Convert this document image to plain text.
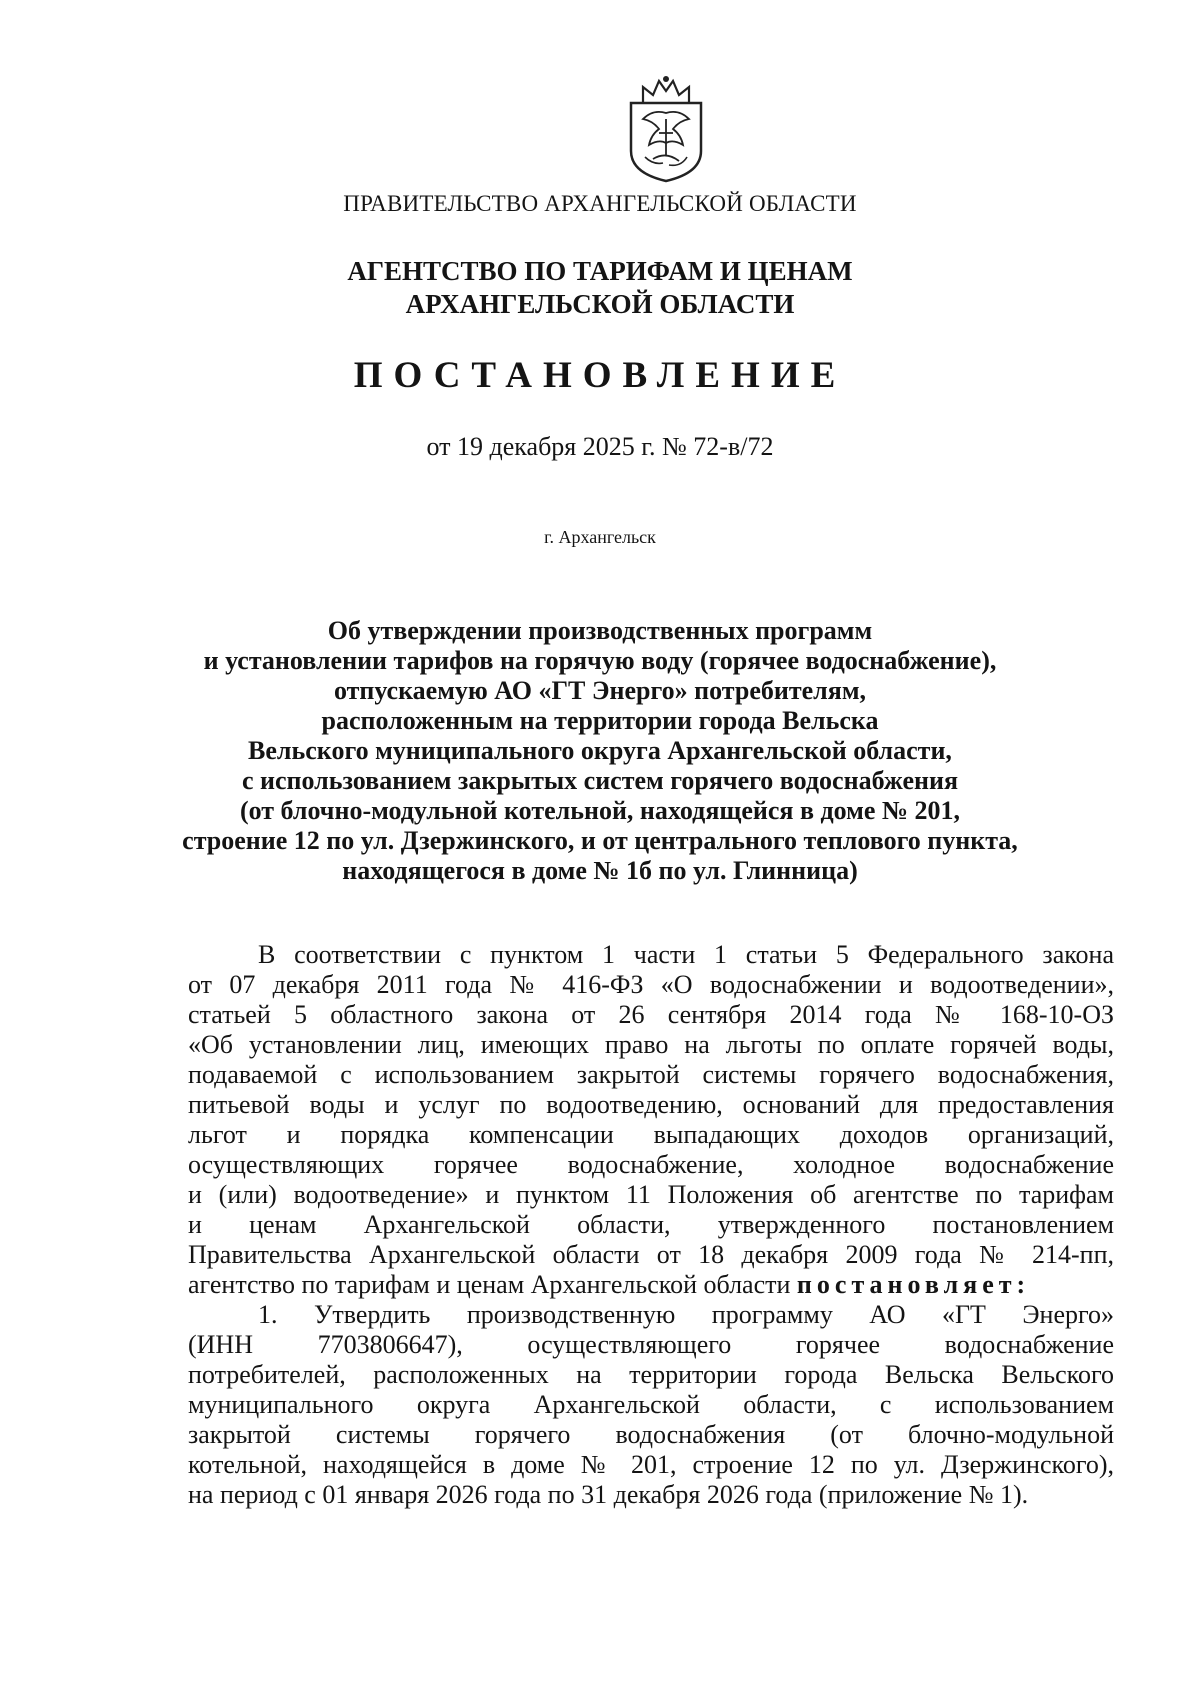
ПРАВИТЕЛЬСТВО АРХАНГЕЛЬСКОЙ ОБЛАСТИ
АГЕНТСТВО ПО ТАРИФАМ И ЦЕНАМ
АРХАНГЕЛЬСКОЙ ОБЛАСТИ
ПОСТАНОВЛЕНИЕ
от 19 декабря 2025 г. № 72-в/72
г. Архангельск
Об утверждении производственных программ
и установлении тарифов на горячую воду (горячее водоснабжение),
отпускаемую АО «ГТ Энерго» потребителям,
расположенным на территории города Вельска
Вельского муниципального округа Архангельской области,
с использованием закрытых систем горячего водоснабжения
(от блочно-модульной котельной, находящейся в доме № 201,
строение 12 по ул. Дзержинского, и от центрального теплового пункта,
находящегося в доме № 1б по ул. Глинница)
В соответствии с пунктом 1 части 1 статьи 5 Федерального закона
от 07 декабря 2011 года № 416-ФЗ «О водоснабжении и водоотведении»,
статьей 5 областного закона от 26 сентября 2014 года № 168-10-ОЗ
«Об установлении лиц, имеющих право на льготы по оплате горячей воды,
подаваемой с использованием закрытой системы горячего водоснабжения,
питьевой воды и услуг по водоотведению, оснований для предоставления
льгот и порядка компенсации выпадающих доходов организаций,
осуществляющих горячее водоснабжение, холодное водоснабжение
и (или) водоотведение» и пунктом 11 Положения об агентстве по тарифам
и ценам Архангельской области, утвержденного постановлением
Правительства Архангельской области от 18 декабря 2009 года № 214-пп,
агентство по тарифам и ценам Архангельской области постановляет:
1. Утвердить производственную программу АО «ГТ Энерго»
(ИНН 7703806647), осуществляющего горячее водоснабжение
потребителей, расположенных на территории города Вельска Вельского
муниципального округа Архангельской области, с использованием
закрытой системы горячего водоснабжения (от блочно-модульной
котельной, находящейся в доме № 201, строение 12 по ул. Дзержинского),
на период с 01 января 2026 года по 31 декабря 2026 года (приложение № 1).
